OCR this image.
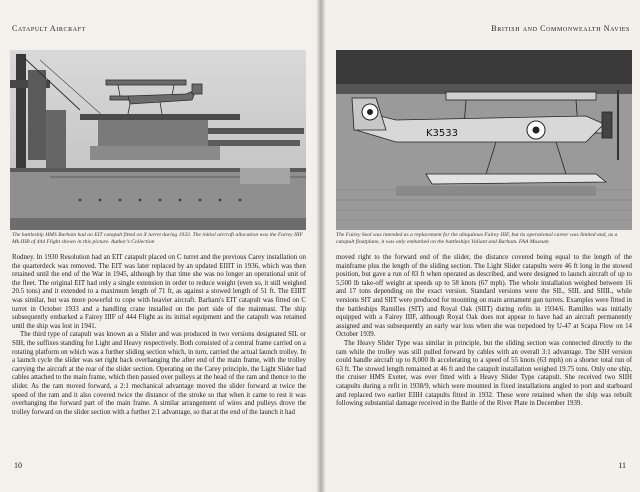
Catapult Aircraft
The battleship HMS Barham had an EIT catapult fitted on X turret during 1933. The initial aircraft allocation was the Fairey IIIF Mk.IIIB of 444 Flight shown in this picture. Author's Collection

Rodney. In 1930 Resolution had an EIT catapult placed on C turret and the previous Carey installation on the quarterdeck was removed. The EIT was later replaced by an updated EIIIT in 1936, which was then retained until the end of the War in 1945, although by that time she was no longer an operational unit of the fleet. The original EIT had only a single extension in order to reduce weight (even so, it still weighed 20.5 tons) and it extended to a maximum length of 71 ft, as against a stowed length of 51 ft. The EIIIT was similar, but was more powerful to cope with heavier aircraft. Barham's EIT catapult was fitted on C turret in October 1933 and a handling crane installed on the port side of the mainmast. The ship subsequently embarked a Fairey IIIF of 444 Flight as its initial equipment and the catapult was retained until the ship was lost in 1941.

The third type of catapult was known as a Slider and was produced in two versions designated SIL or SIH, the suffixes standing for Light and Heavy respectively. Both consisted of a central frame carried on a rotating platform on which was a further sliding section which, in turn, carried the actual launch trolley. In a launch cycle the slider was set right back overhanging the after end of the main frame, with the trolley carrying the aircraft at the rear of the slider section. Operating on the Carey principle, the Light Slider had cables attached to the main frame, which then passed over pulleys at the head of the ram and thence to the slider. As the ram moved forward, a 2:1 mechanical advantage moved the slider forward at twice the speed of the ram and it also covered twice the distance of the stroke so that when it came to rest it was overhanging the forward part of the main frame. A similar arrangement of wires and pulleys drove the trolley forward on the slider section with a further 2:1 advantage, so that at the end of the launch it had

10
British and Commonwealth Navies
K3533
The Fairey Seal was intended as a replacement for the ubiquitous Fairey IIIF, but its operational career was limited and, as a catapult floatplane, it was only embarked on the battleships Valiant and Barham. FAA Museum

moved right to the forward end of the slider, the distance covered being equal to the length of the mainframe plus the length of the sliding section. The Light Slider catapults were 46 ft long in the stowed position, but gave a run of 83 ft when operated as described, and were designed to launch aircraft of up to 5,500 lb take-off weight at speeds up to 58 knots (67 mph). The whole installation weighed between 16 and 17 tons depending on the exact version. Standard versions were the SIL, SIIL and SIIIL, while versions SIT and SIIT were produced for mounting on main armament gun turrets. Examples were fitted in the battleships Ramilles (SIT) and Royal Oak (SIIT) during refits in 1934/6. Ramilles was initially equipped with a Fairey IIIF, although Royal Oak does not appear to have had an aircraft permanently assigned and was subsequently an early war loss when she was torpedoed by U-47 at Scapa Flow on 14 October 1939.

The Heavy Slider Type was similar in principle, but the sliding section was connected directly to the ram while the trolley was still pulled forward by cables with an overall 3:1 advantage. The SIH version could handle aircraft up to 8,000 lb accelerating to a speed of 55 knots (63 mph) on a shorter total run of 63 ft. The stowed length remained at 46 ft and the catapult installation weighed 19.75 tons. Only one ship, the cruiser HMS Exeter, was ever fitted with a Heavy Slider Type catapult. She received two SIIH catapults during a refit in 1938/9, which were mounted in fixed installations angled to port and starboard and replaced two earlier EIIH catapults fitted in 1932. These were retained when the ship was rebuilt following substantial damage received in the Battle of the River Plate in December 1939.

11
